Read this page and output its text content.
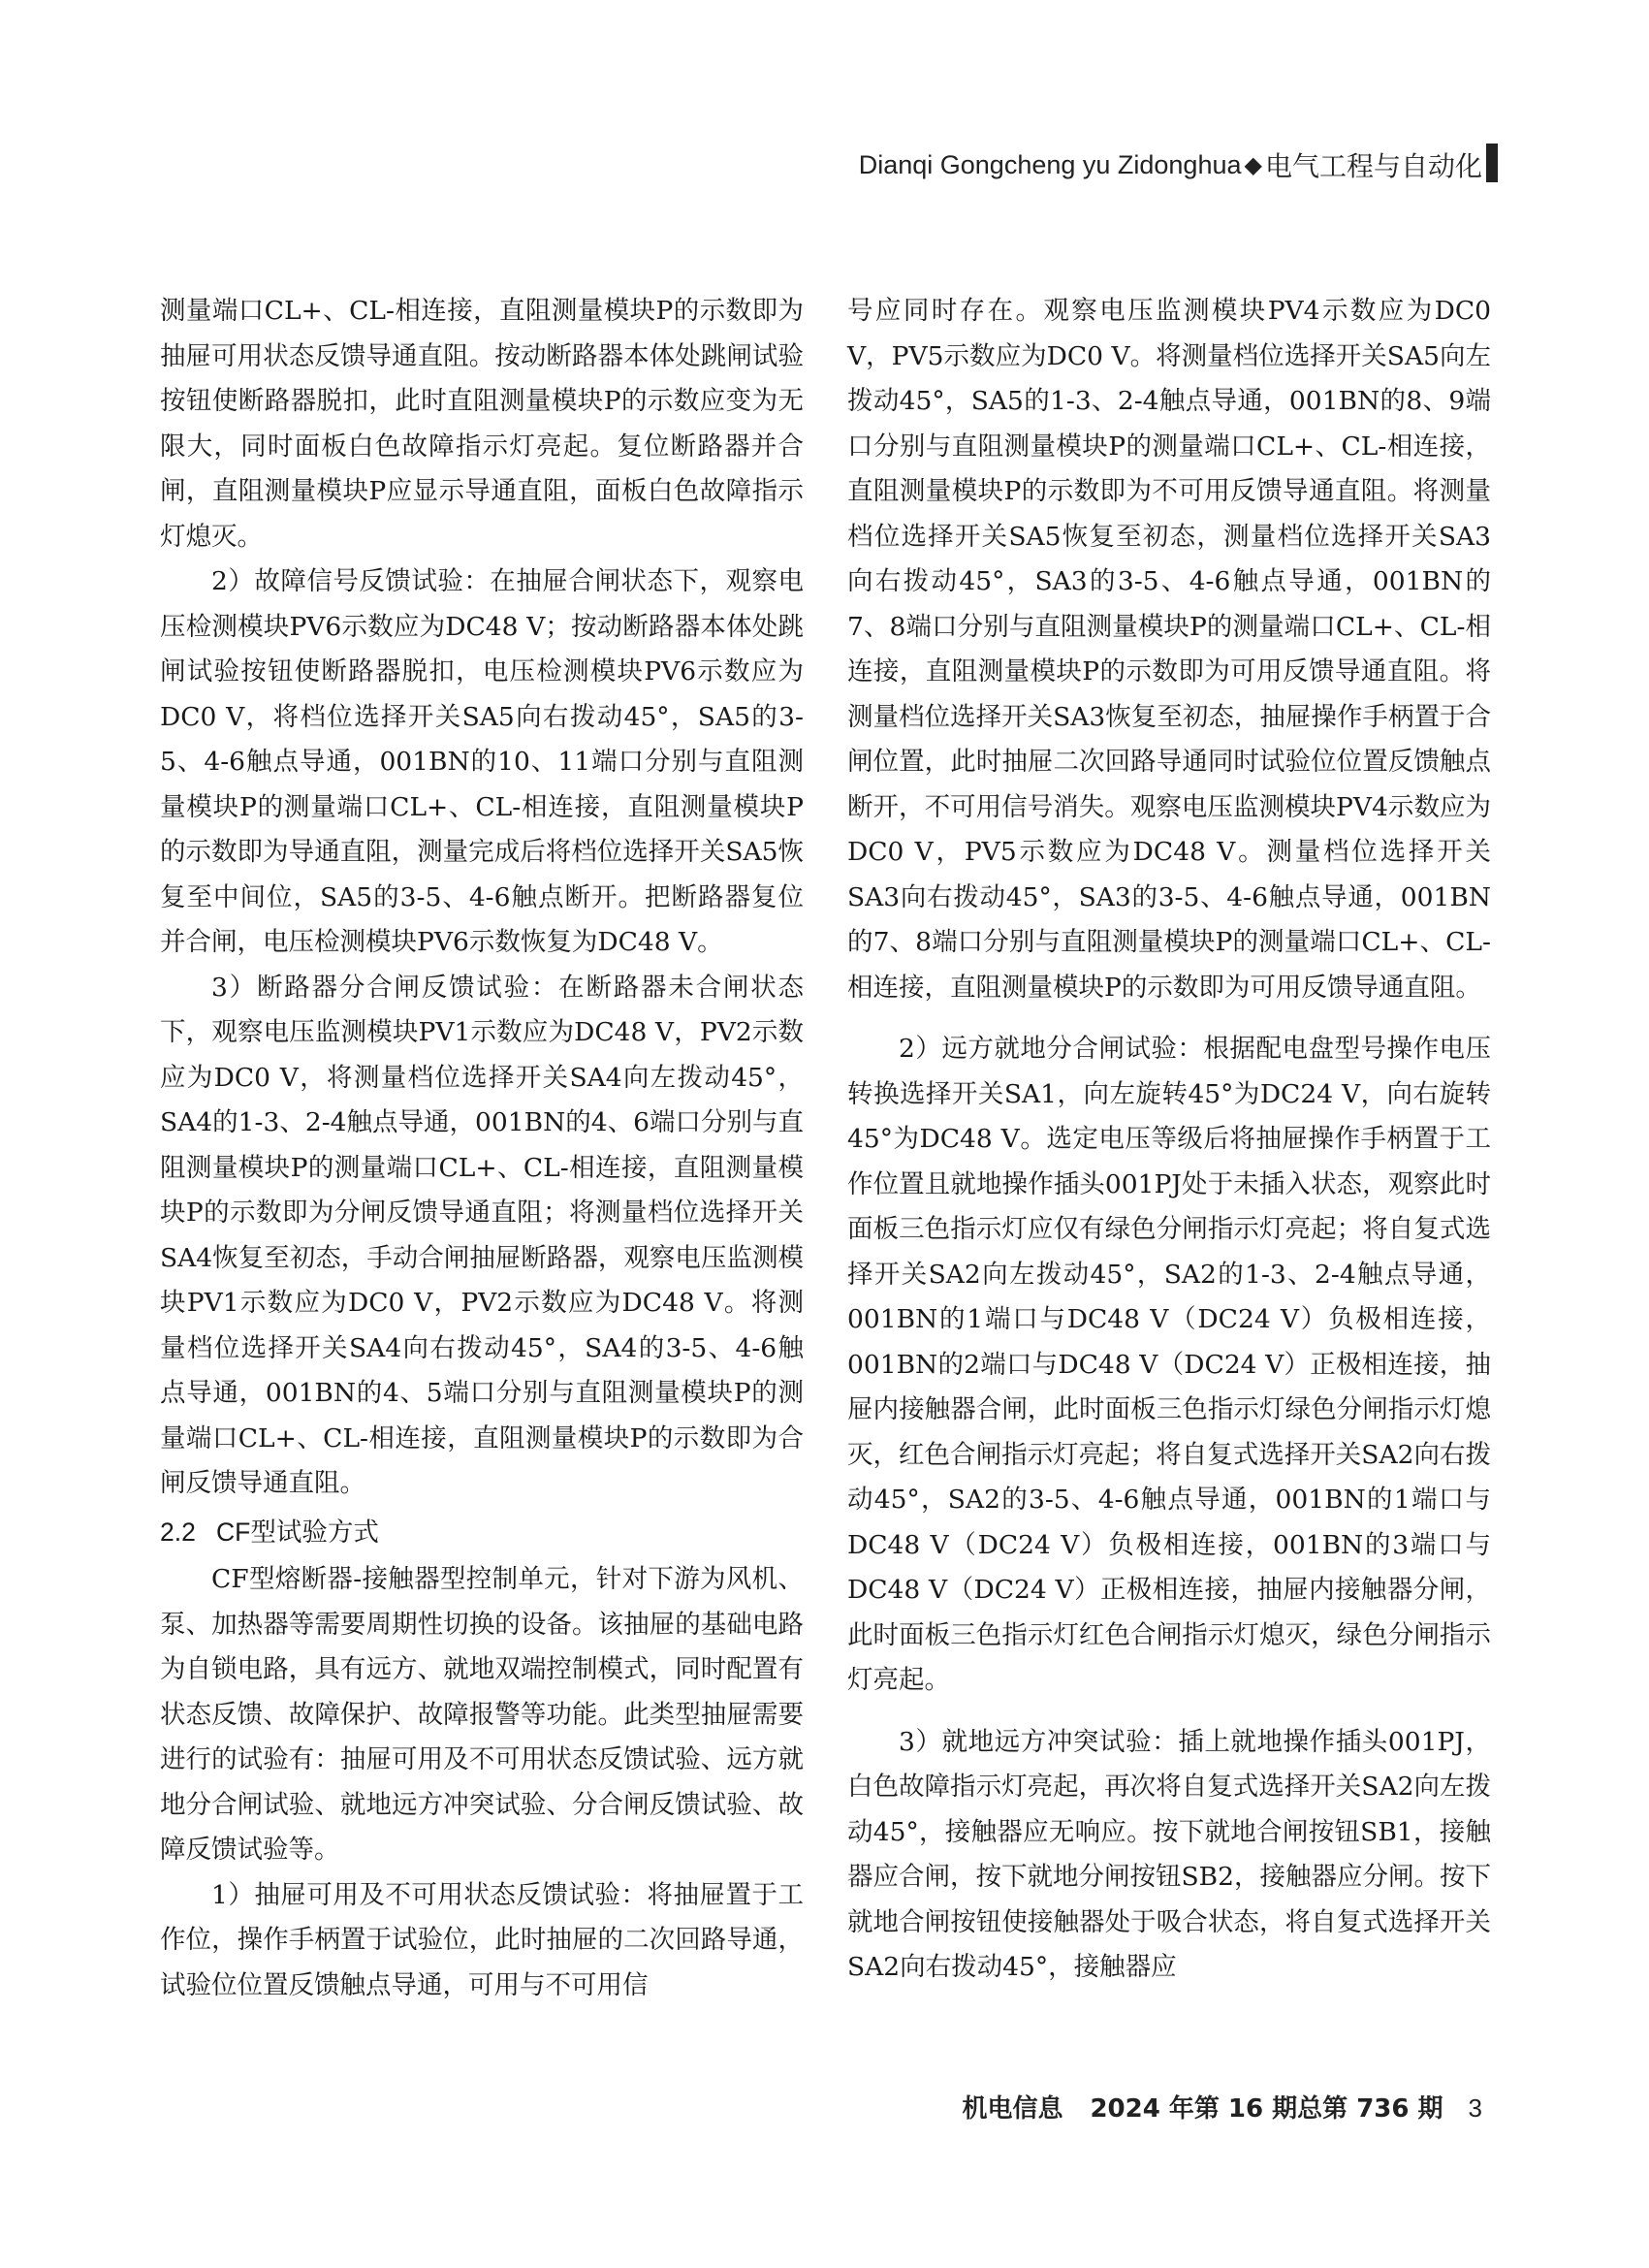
Dianqi Gongcheng yu Zidonghua ◆ 电气工程与自动化

测量端口CL+、CL-相连接，直阻测量模块P的示数即为抽屉可用状态反馈导通直阻。按动断路器本体处跳闸试验按钮使断路器脱扣，此时直阻测量模块P的示数应变为无限大，同时面板白色故障指示灯亮起。复位断路器并合闸，直阻测量模块P应显示导通直阻，面板白色故障指示灯熄灭。

2）故障信号反馈试验：在抽屉合闸状态下，观察电压检测模块PV6示数应为DC48 V；按动断路器本体处跳闸试验按钮使断路器脱扣，电压检测模块PV6示数应为DC0 V，将档位选择开关SA5向右拨动45°，SA5的3-5、4-6触点导通，001BN的10、11端口分别与直阻测量模块P的测量端口CL+、CL-相连接，直阻测量模块P的示数即为导通直阻，测量完成后将档位选择开关SA5恢复至中间位，SA5的3-5、4-6触点断开。把断路器复位并合闸，电压检测模块PV6示数恢复为DC48 V。

3）断路器分合闸反馈试验：在断路器未合闸状态下，观察电压监测模块PV1示数应为DC48 V，PV2示数应为DC0 V，将测量档位选择开关SA4向左拨动45°，SA4的1-3、2-4触点导通，001BN的4、6端口分别与直阻测量模块P的测量端口CL+、CL-相连接，直阻测量模块P的示数即为分闸反馈导通直阻；将测量档位选择开关SA4恢复至初态，手动合闸抽屉断路器，观察电压监测模块PV1示数应为DC0 V，PV2示数应为DC48 V。将测量档位选择开关SA4向右拨动45°，SA4的3-5、4-6触点导通，001BN的4、5端口分别与直阻测量模块P的测量端口CL+、CL-相连接，直阻测量模块P的示数即为合闸反馈导通直阻。

2.2 CF型试验方式

CF型熔断器-接触器型控制单元，针对下游为风机、泵、加热器等需要周期性切换的设备。该抽屉的基础电路为自锁电路，具有远方、就地双端控制模式，同时配置有状态反馈、故障保护、故障报警等功能。此类型抽屉需要进行的试验有：抽屉可用及不可用状态反馈试验、远方就地分合闸试验、就地远方冲突试验、分合闸反馈试验、故障反馈试验等。

1）抽屉可用及不可用状态反馈试验：将抽屉置于工作位，操作手柄置于试验位，此时抽屉的二次回路导通，试验位位置反馈触点导通，可用与不可用信

号应同时存在。观察电压监测模块PV4示数应为DC0 V，PV5示数应为DC0 V。将测量档位选择开关SA5向左拨动45°，SA5的1-3、2-4触点导通，001BN的8、9端口分别与直阻测量模块P的测量端口CL+、CL-相连接，直阻测量模块P的示数即为不可用反馈导通直阻。将测量档位选择开关SA5恢复至初态，测量档位选择开关SA3向右拨动45°，SA3的3-5、4-6触点导通，001BN的7、8端口分别与直阻测量模块P的测量端口CL+、CL-相连接，直阻测量模块P的示数即为可用反馈导通直阻。将测量档位选择开关SA3恢复至初态，抽屉操作手柄置于合闸位置，此时抽屉二次回路导通同时试验位位置反馈触点断开，不可用信号消失。观察电压监测模块PV4示数应为DC0 V，PV5示数应为DC48 V。测量档位选择开关SA3向右拨动45°，SA3的3-5、4-6触点导通，001BN的7、8端口分别与直阻测量模块P的测量端口CL+、CL-相连接，直阻测量模块P的示数即为可用反馈导通直阻。

2）远方就地分合闸试验：根据配电盘型号操作电压转换选择开关SA1，向左旋转45°为DC24 V，向右旋转45°为DC48 V。选定电压等级后将抽屉操作手柄置于工作位置且就地操作插头001PJ处于未插入状态，观察此时面板三色指示灯应仅有绿色分闸指示灯亮起；将自复式选择开关SA2向左拨动45°，SA2的1-3、2-4触点导通，001BN的1端口与DC48 V（DC24 V）负极相连接，001BN的2端口与DC48 V（DC24 V）正极相连接，抽屉内接触器合闸，此时面板三色指示灯绿色分闸指示灯熄灭，红色合闸指示灯亮起；将自复式选择开关SA2向右拨动45°，SA2的3-5、4-6触点导通，001BN的1端口与DC48 V（DC24 V）负极相连接，001BN的3端口与DC48 V（DC24 V）正极相连接，抽屉内接触器分闸，此时面板三色指示灯红色合闸指示灯熄灭，绿色分闸指示灯亮起。

3）就地远方冲突试验：插上就地操作插头001PJ，白色故障指示灯亮起，再次将自复式选择开关SA2向左拨动45°，接触器应无响应。按下就地合闸按钮SB1，接触器应合闸，按下就地分闸按钮SB2，接触器应分闸。按下就地合闸按钮使接触器处于吸合状态，将自复式选择开关SA2向右拨动45°，接触器应

机电信息 2024 年第 16 期总第 736 期 3
